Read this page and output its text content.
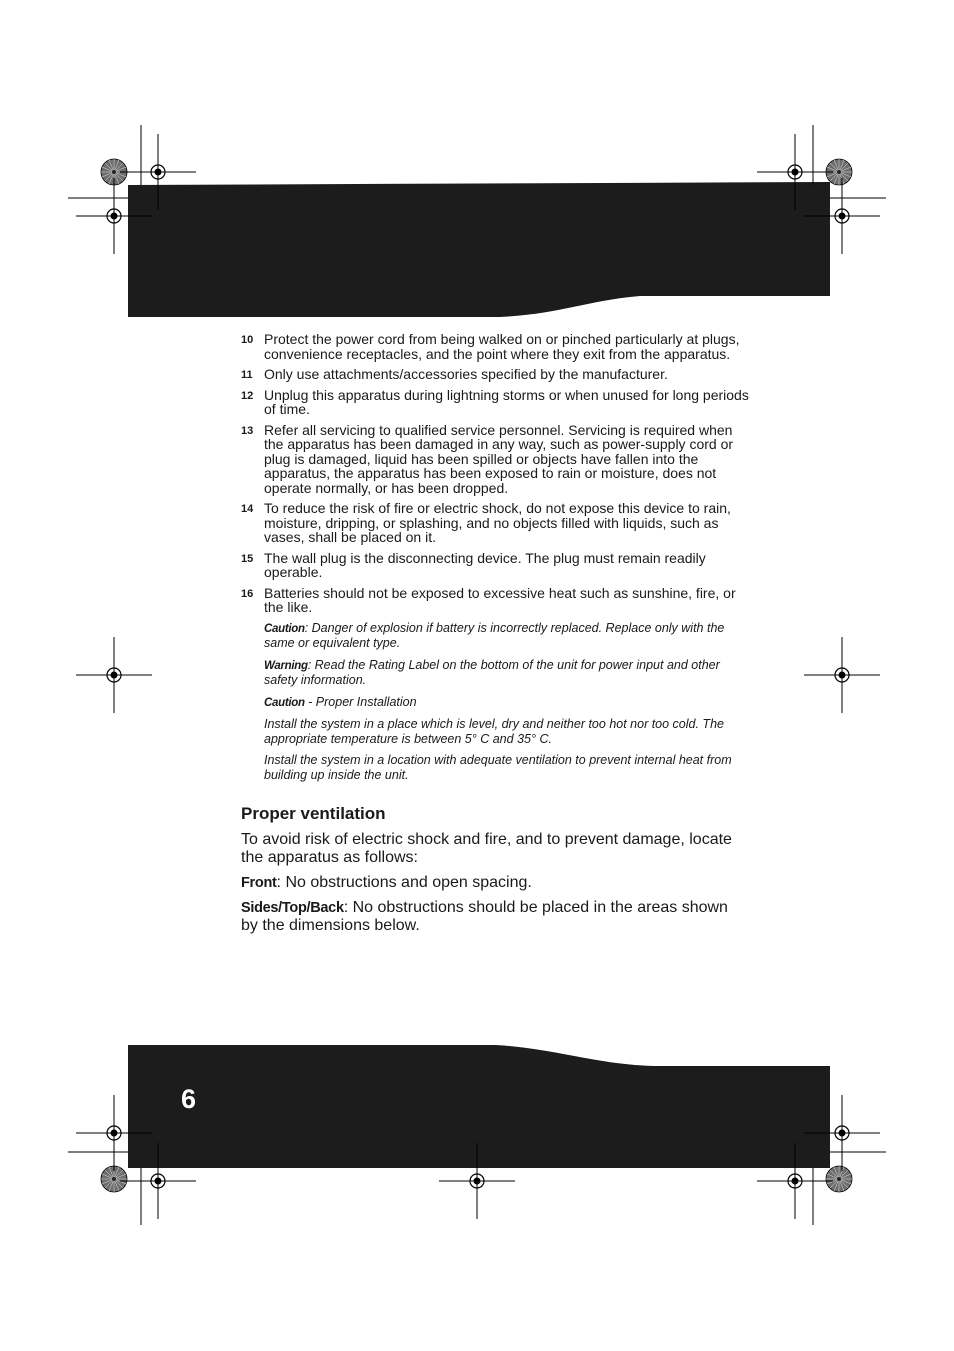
10 Protect the power cord from being walked on or pinched particularly at plugs, convenience receptacles, and the point where they exit from the apparatus.
11 Only use attachments/accessories specified by the manufacturer.
12 Unplug this apparatus during lightning storms or when unused for long periods of time.
13 Refer all servicing to qualified service personnel. Servicing is required when the apparatus has been damaged in any way, such as power-supply cord or plug is damaged, liquid has been spilled or objects have fallen into the apparatus, the apparatus has been exposed to rain or moisture, does not operate normally, or has been dropped.
14 To reduce the risk of fire or electric shock, do not expose this device to rain, moisture, dripping, or splashing, and no objects filled with liquids, such as vases, shall be placed on it.
15 The wall plug is the disconnecting device. The plug must remain readily operable.
16 Batteries should not be exposed to excessive heat such as sunshine, fire, or the like.

Caution: Danger of explosion if battery is incorrectly replaced. Replace only with the same or equivalent type.

Warning: Read the Rating Label on the bottom of the unit for power input and other safety information.

Caution - Proper Installation

Install the system in a place which is level, dry and neither too hot nor too cold. The appropriate temperature is between 5° C and 35° C.

Install the system in a location with adequate ventilation to prevent internal heat from building up inside the unit.

Proper ventilation

To avoid risk of electric shock and fire, and to prevent damage, locate the apparatus as follows:

Front: No obstructions and open spacing.

Sides/Top/Back: No obstructions should be placed in the areas shown by the dimensions below.

6
